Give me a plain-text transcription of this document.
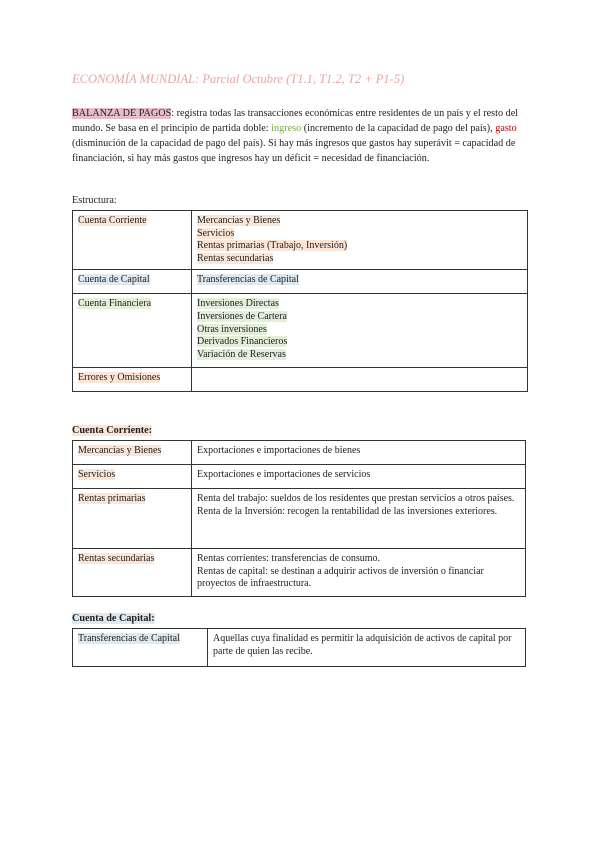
ECONOMÍA MUNDIAL: Parcial Octubre (T1.1, T1.2, T2 + P1-5)

BALANZA DE PAGOS: registra todas las transacciones económicas entre residentes de un país y el resto del mundo. Se basa en el principio de partida doble: ingreso (incremento de la capacidad de pago del país), gasto (disminución de la capacidad de pago del país). Si hay más ingresos que gastos hay superávit = capacidad de financiación, si hay más gastos que ingresos hay un déficit = necesidad de financiación.

Estructura:
Cuenta Corriente	Mercancías y Bienes
Servicios
Rentas primarias (Trabajo, Inversión)
Rentas secundarias

Cuenta de Capital	Transferencias de Capital

Cuenta Financiera	Inversiones Directas
Inversiones de Cartera
Otras inversiones
Derivados Financieros
Variación de Reservas

Errores y Omisiones	
Cuenta Corriente:
Mercancías y Bienes	Exportaciones e importaciones de bienes
Servicios	Exportaciones e importaciones de servicios
Rentas primarias	Renta del trabajo: sueldos de los residentes que prestan servicios a otros países.
Renta de la Inversión: recogen la rentabilidad de las inversiones exteriores.

Rentas secundarias	Rentas corrientes: transferencias de consumo.
Rentas de capital: se destinan a adquirir activos de inversión o financiar proyectos de infraestructura.
Cuenta de Capital:
Transferencias de Capital	Aquellas cuya finalidad es permitir la adquisición de activos de capital por parte de quien las recibe.
